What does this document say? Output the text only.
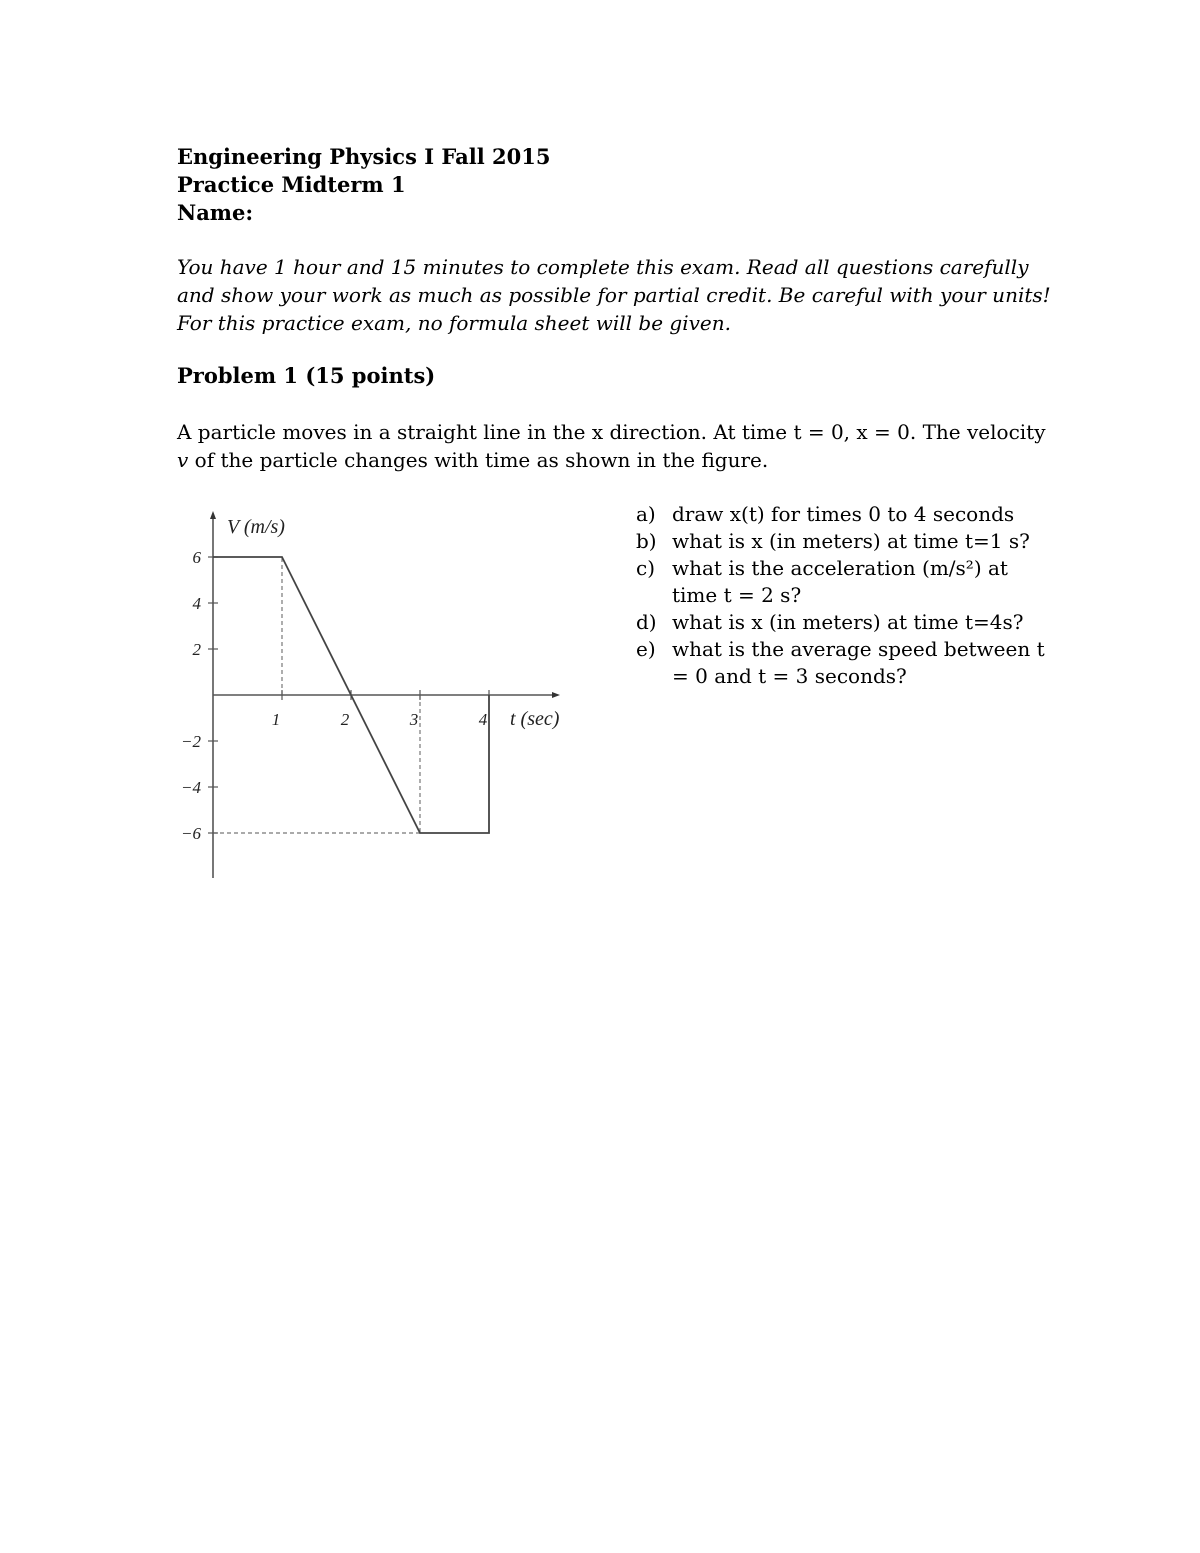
Engineering Physics I Fall 2015
Practice Midterm 1
Name:
You have 1 hour and 15 minutes to complete this exam. Read all questions carefully
and show your work as much as possible for partial credit. Be careful with your units!
For this practice exam, no formula sheet will be given.
Problem 1 (15 points)
A particle moves in a straight line in the x direction. At time t = 0, x = 0. The velocity
v of the particle changes with time as shown in the figure.
a) draw x(t) for times 0 to 4 seconds
b) what is x (in meters) at time t=1 s?
c) what is the acceleration (m/s²) at time t = 2 s?
d) what is x (in meters) at time t=4s?
e) what is the average speed between t = 0 and t = 3 seconds?
6
4
2
−2
−4
−6
1	2	3	4
V (m/s)
t (sec)
